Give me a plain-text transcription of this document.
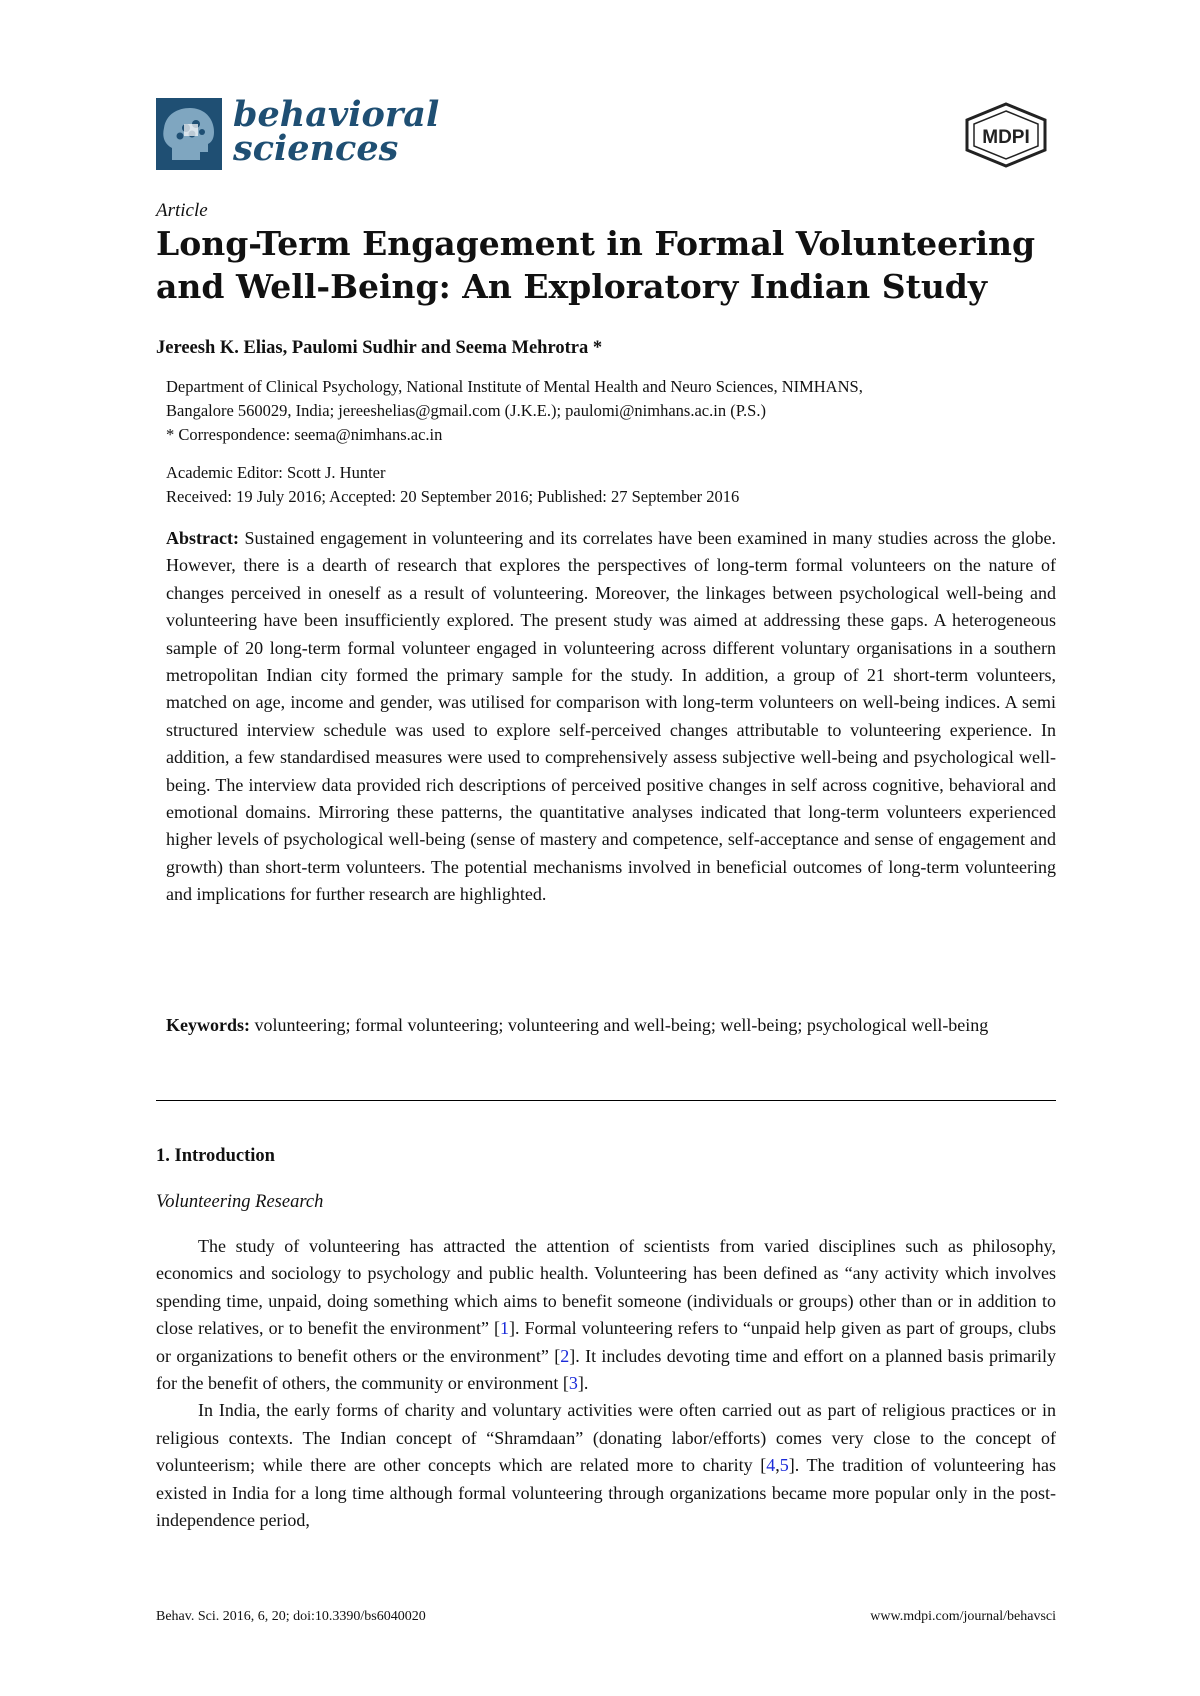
behavioral
sciences	MDPI
Article
Long-Term Engagement in Formal Volunteering and Well-Being: An Exploratory Indian Study
Jereesh K. Elias, Paulomi Sudhir and Seema Mehrotra *
Department of Clinical Psychology, National Institute of Mental Health and Neuro Sciences, NIMHANS,
Bangalore 560029, India; jereeshelias@gmail.com (J.K.E.); paulomi@nimhans.ac.in (P.S.)
* Correspondence: seema@nimhans.ac.in
Academic Editor: Scott J. Hunter
Received: 19 July 2016; Accepted: 20 September 2016; Published: 27 September 2016

Abstract: Sustained engagement in volunteering and its correlates have been examined in many studies across the globe. However, there is a dearth of research that explores the perspectives of long-term formal volunteers on the nature of changes perceived in oneself as a result of volunteering. Moreover, the linkages between psychological well-being and volunteering have been insufficiently explored. The present study was aimed at addressing these gaps. A heterogeneous sample of 20 long-term formal volunteer engaged in volunteering across different voluntary organisations in a southern metropolitan Indian city formed the primary sample for the study. In addition, a group of 21 short-term volunteers, matched on age, income and gender, was utilised for comparison with long-term volunteers on well-being indices. A semi structured interview schedule was used to explore self-perceived changes attributable to volunteering experience. In addition, a few standardised measures were used to comprehensively assess subjective well-being and psychological well-being. The interview data provided rich descriptions of perceived positive changes in self across cognitive, behavioral and emotional domains. Mirroring these patterns, the quantitative analyses indicated that long-term volunteers experienced higher levels of psychological well-being (sense of mastery and competence, self-acceptance and sense of engagement and growth) than short-term volunteers. The potential mechanisms involved in beneficial outcomes of long-term volunteering and implications for further research are highlighted.

Keywords: volunteering; formal volunteering; volunteering and well-being; well-being; psychological well-being

1. Introduction
Volunteering Research

The study of volunteering has attracted the attention of scientists from varied disciplines such as philosophy, economics and sociology to psychology and public health. Volunteering has been defined as “any activity which involves spending time, unpaid, doing something which aims to benefit someone (individuals or groups) other than or in addition to close relatives, or to benefit the environment” [1]. Formal volunteering refers to “unpaid help given as part of groups, clubs or organizations to benefit others or the environment” [2]. It includes devoting time and effort on a planned basis primarily for the benefit of others, the community or environment [3].

In India, the early forms of charity and voluntary activities were often carried out as part of religious practices or in religious contexts. The Indian concept of “Shramdaan” (donating labor/efforts) comes very close to the concept of volunteerism; while there are other concepts which are related more to charity [4,5]. The tradition of volunteering has existed in India for a long time although formal volunteering through organizations became more popular only in the post-independence period,

Behav. Sci. 2016, 6, 20; doi:10.3390/bs6040020	www.mdpi.com/journal/behavsci
